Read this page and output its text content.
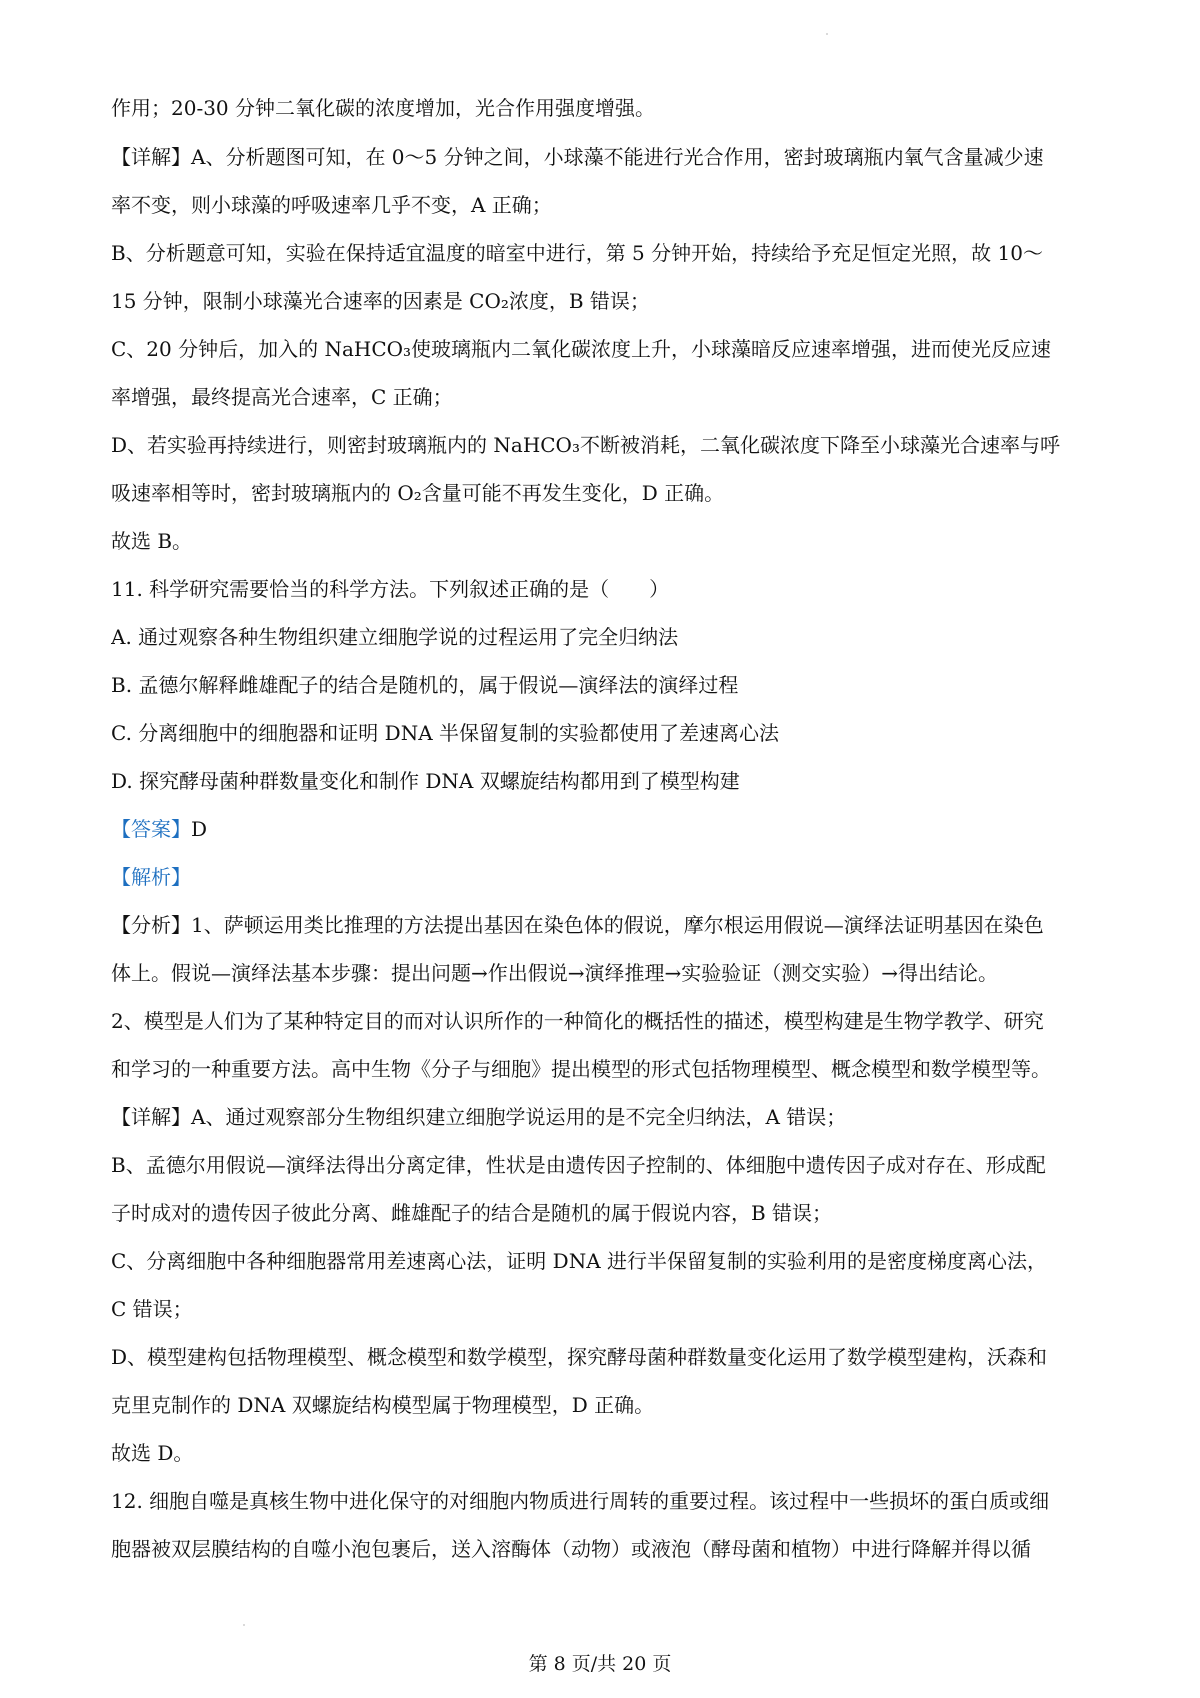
作用；20-30 分钟二氧化碳的浓度增加，光合作用强度增强。
【详解】A、分析题图可知，在 0～5 分钟之间，小球藻不能进行光合作用，密封玻璃瓶内氧气含量减少速
率不变，则小球藻的呼吸速率几乎不变，A 正确；
B、分析题意可知，实验在保持适宜温度的暗室中进行，第 5 分钟开始，持续给予充足恒定光照，故 10～
15 分钟，限制小球藻光合速率的因素是 CO₂浓度，B 错误；
C、20 分钟后，加入的 NaHCO₃使玻璃瓶内二氧化碳浓度上升，小球藻暗反应速率增强，进而使光反应速
率增强，最终提高光合速率，C 正确；
D、若实验再持续进行，则密封玻璃瓶内的 NaHCO₃不断被消耗，二氧化碳浓度下降至小球藻光合速率与呼
吸速率相等时，密封玻璃瓶内的 O₂含量可能不再发生变化，D 正确。
故选 B。
11. 科学研究需要恰当的科学方法。下列叙述正确的是（　　）
A. 通过观察各种生物组织建立细胞学说的过程运用了完全归纳法
B. 孟德尔解释雌雄配子的结合是随机的，属于假说—演绎法的演绎过程
C. 分离细胞中的细胞器和证明 DNA 半保留复制的实验都使用了差速离心法
D. 探究酵母菌种群数量变化和制作 DNA 双螺旋结构都用到了模型构建
【答案】D
【解析】
【分析】1、萨顿运用类比推理的方法提出基因在染色体的假说，摩尔根运用假说—演绎法证明基因在染色
体上。假说—演绎法基本步骤：提出问题→作出假说→演绎推理→实验验证（测交实验）→得出结论。
2、模型是人们为了某种特定目的而对认识所作的一种简化的概括性的描述，模型构建是生物学教学、研究
和学习的一种重要方法。高中生物《分子与细胞》提出模型的形式包括物理模型、概念模型和数学模型等。
【详解】A、通过观察部分生物组织建立细胞学说运用的是不完全归纳法，A 错误；
B、孟德尔用假说—演绎法得出分离定律，性状是由遗传因子控制的、体细胞中遗传因子成对存在、形成配
子时成对的遗传因子彼此分离、雌雄配子的结合是随机的属于假说内容，B 错误；
C、分离细胞中各种细胞器常用差速离心法，证明 DNA 进行半保留复制的实验利用的是密度梯度离心法，
C 错误；
D、模型建构包括物理模型、概念模型和数学模型，探究酵母菌种群数量变化运用了数学模型建构，沃森和
克里克制作的 DNA 双螺旋结构模型属于物理模型，D 正确。
故选 D。
12. 细胞自噬是真核生物中进化保守的对细胞内物质进行周转的重要过程。该过程中一些损坏的蛋白质或细
胞器被双层膜结构的自噬小泡包裹后，送入溶酶体（动物）或液泡（酵母菌和植物）中进行降解并得以循
第 8 页/共 20 页
